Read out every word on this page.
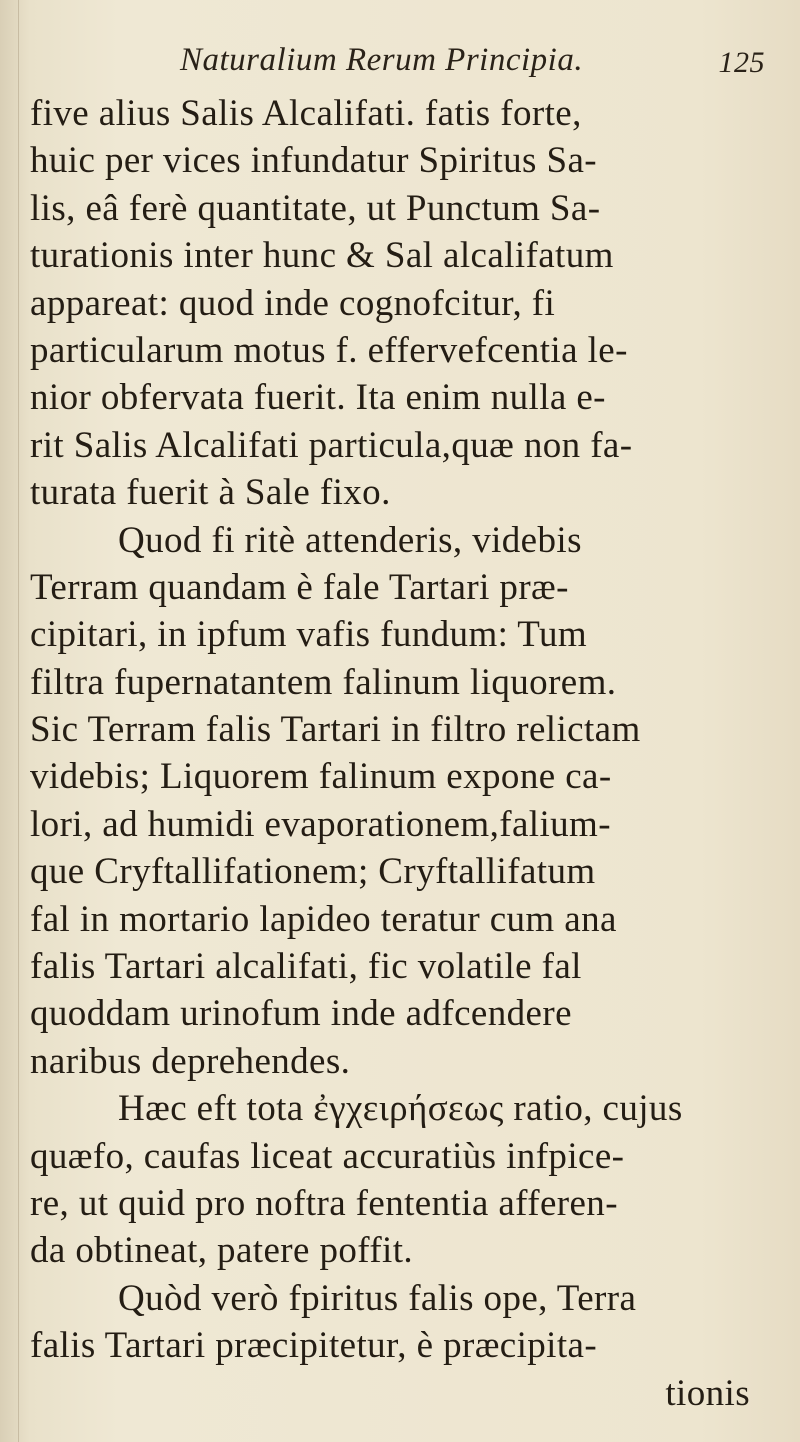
Naturalium Rerum Principia.	125
five alius Salis Alcalifati. fatis forte,
huic per vices infundatur Spiritus Sa-
lis, eâ ferè quantitate, ut Punctum Sa-
turationis inter hunc & Sal alcalifatum
appareat: quod inde cognofcitur, fi
particularum motus f. effervefcentia le-
nior obfervata fuerit. Ita enim nulla e-
rit Salis Alcalifati particula,quæ non fa-
turata fuerit à Sale fixo.
Quod fi ritè attenderis, videbis
Terram quandam è fale Tartari præ-
cipitari, in ipfum vafis fundum: Tum
filtra fupernatantem falinum liquorem.
Sic Terram falis Tartari in filtro relictam
videbis; Liquorem falinum expone ca-
lori, ad humidi evaporationem,falium-
que Cryftallifationem; Cryftallifatum
fal in mortario lapideo teratur cum ana
falis Tartari alcalifati, fic volatile fal
quoddam urinofum inde adfcendere
naribus deprehendes.
Hæc eft tota ἐγχειρήσεως ratio, cujus
quæfo, caufas liceat accuratiùs infpice-
re, ut quid pro noftra fententia afferen-
da obtineat, patere poffit.
Quòd verò fpiritus falis ope, Terra
falis Tartari præcipitetur, è præcipita-
tionis
